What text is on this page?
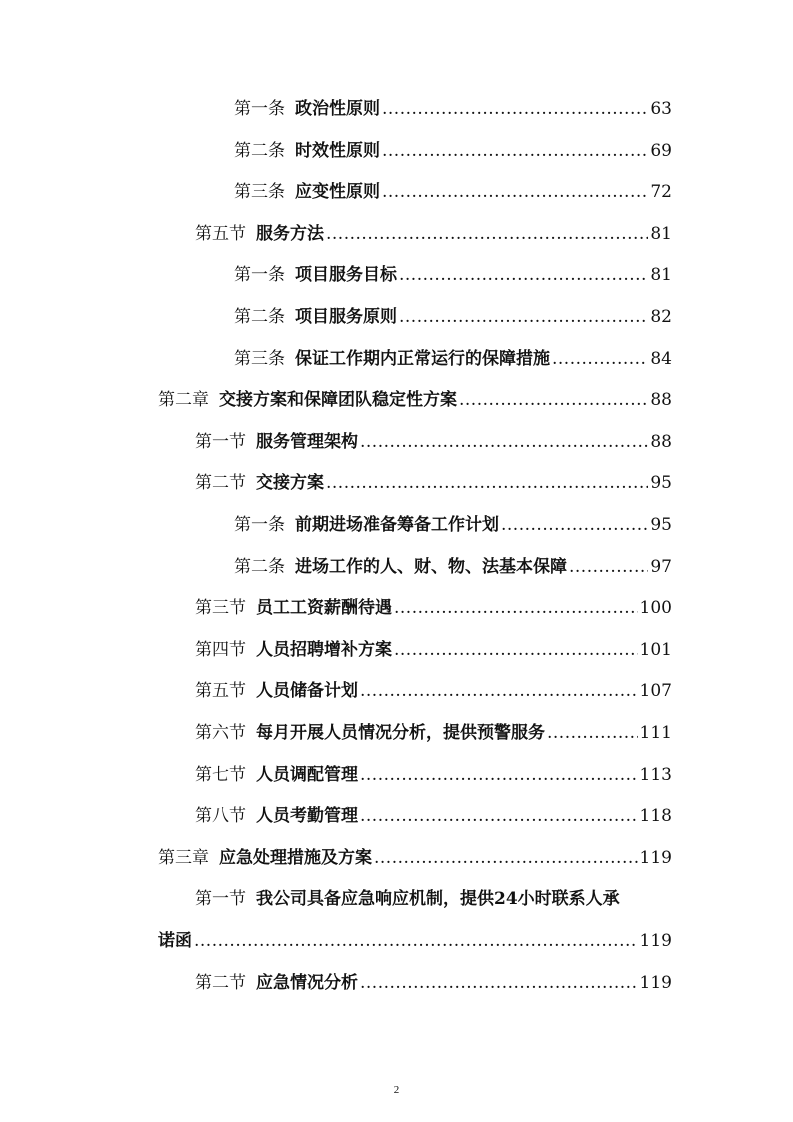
第一条 政治性原则 .....	63
第二条 时效性原则 .....	69
第三条 应变性原则 .....	72
第五节 服务方法 .....	81
第一条 项目服务目标 .....	81
第二条 项目服务原则 .....	82
第三条 保证工作期内正常运行的保障措施 .....	84
第二章 交接方案和保障团队稳定性方案 .....	88
第一节 服务管理架构 .....	88
第二节 交接方案 .....	95
第一条 前期进场准备筹备工作计划 .....	95
第二条 进场工作的人、财、物、法基本保障 .....	97
第三节 员工工资薪酬待遇 .....	100
第四节 人员招聘增补方案 .....	101
第五节 人员储备计划 .....	107
第六节 每月开展人员情况分析，提供预警服务 .....	111
第七节 人员调配管理 .....	113
第八节 人员考勤管理 .....	118
第三章 应急处理措施及方案 .....	119
第一节 我公司具备应急响应机制，提供24小时联系人承
诺函 .....	119
第二节 应急情况分析 .....	119
2
